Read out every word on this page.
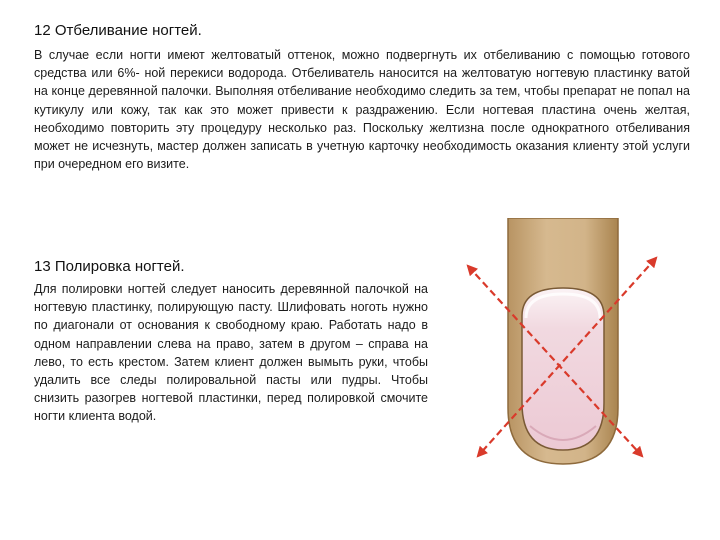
12 Отбеливание ногтей.

В случае если ногти имеют желтоватый оттенок, можно подвергнуть их отбеливанию с помощью готового средства или 6%- ной перекиси водорода. Отбеливатель наносится на желтоватую ногтевую пластинку ватой на конце деревянной палочки. Выполняя отбеливание необходимо следить за тем, чтобы препарат не попал на кутикулу или кожу, так как это может привести к раздражению. Если ногтевая пластина очень желтая, необходимо повторить эту процедуру несколько раз. Поскольку желтизна после однократного отбеливания может не исчезнуть, мастер должен записать в учетную карточку необходимость оказания клиенту этой услуги при очередном его визите.

13 Полировка ногтей.

Для полировки ногтей следует наносить деревянной палочкой на ногтевую пластинку, полирующую пасту. Шлифовать ноготь нужно по диагонали от основания к свободному краю. Работать надо в одном направлении слева на право, затем в другом – справа на лево, то есть крестом. Затем клиент должен вымыть руки, чтобы удалить все следы полировальной пасты или пудры. Чтобы снизить разогрев ногтевой пластинки, перед полировкой смочите ногти клиента водой.
